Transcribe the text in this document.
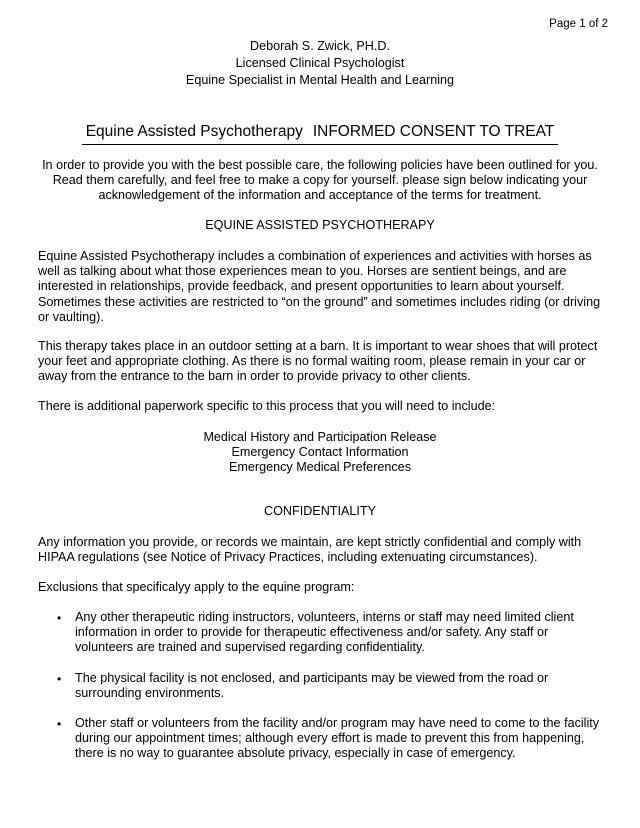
Page 1 of 2
Deborah S. Zwick, PH.D.
Licensed Clinical Psychologist
Equine Specialist in Mental Health and Learning
Equine Assisted Psychotherapy INFORMED CONSENT TO TREAT

In order to provide you with the best possible care, the following policies have been outlined for you. Read them carefully, and feel free to make a copy for yourself. please sign below indicating your acknowledgement of the information and acceptance of the terms for treatment.

EQUINE ASSISTED PSYCHOTHERAPY

Equine Assisted Psychotherapy includes a combination of experiences and activities with horses as well as talking about what those experiences mean to you. Horses are sentient beings, and are interested in relationships, provide feedback, and present opportunities to learn about yourself. Sometimes these activities are restricted to “on the ground” and sometimes includes riding (or driving or vaulting).

This therapy takes place in an outdoor setting at a barn. It is important to wear shoes that will protect your feet and appropriate clothing. As there is no formal waiting room, please remain in your car or away from the entrance to the barn in order to provide privacy to other clients.

There is additional paperwork specific to this process that you will need to include:

Medical History and Participation Release
Emergency Contact Information
Emergency Medical Preferences
CONFIDENTIALITY

Any information you provide, or records we maintain, are kept strictly confidential and comply with HIPAA regulations (see Notice of Privacy Practices, including extenuating circumstances).

Exclusions that specificalyy apply to the equine program:

• Any other therapeutic riding instructors, volunteers, interns or staff may need limited client information in order to provide for therapeutic effectiveness and/or safety. Any staff or volunteers are trained and supervised regarding confidentiality.
• The physical facility is not enclosed, and participants may be viewed from the road or surrounding environments.
• Other staff or volunteers from the facility and/or program may have need to come to the facility during our appointment times; although every effort is made to prevent this from happening, there is no way to guarantee absolute privacy, especially in case of emergency.
